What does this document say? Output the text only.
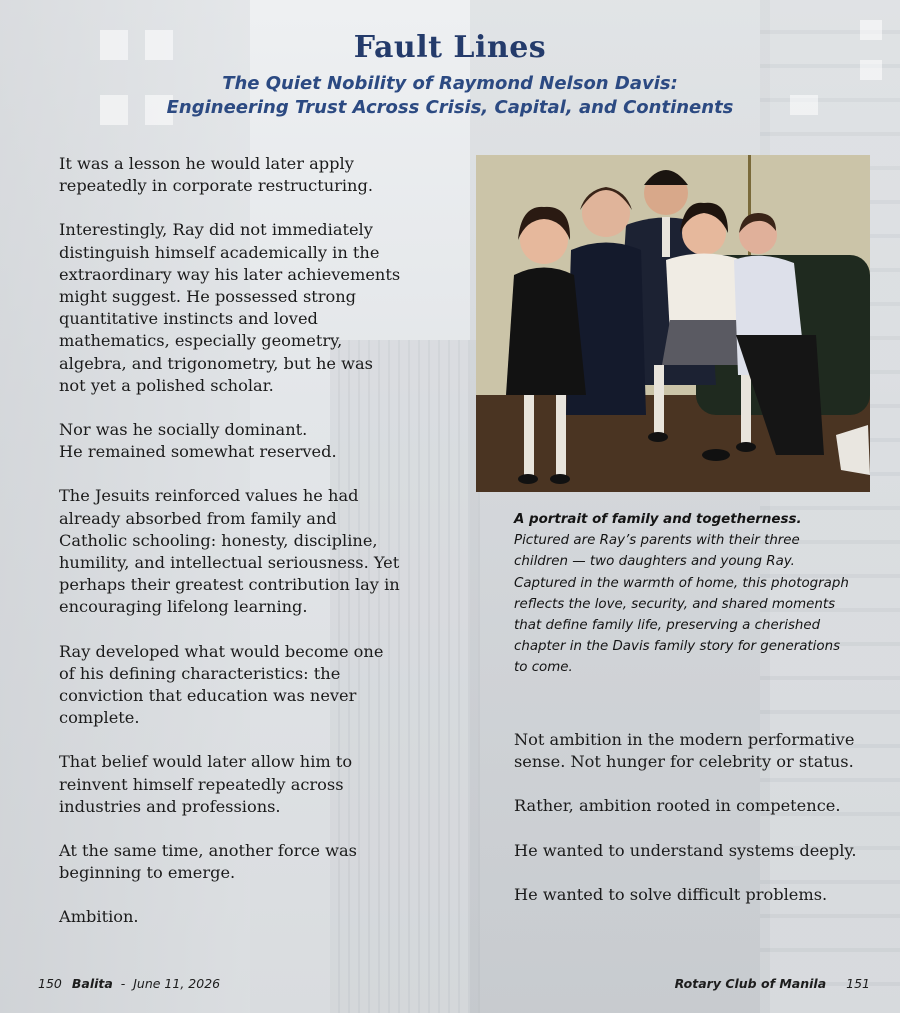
Fault Lines
The Quiet Nobility of Raymond Nelson Davis:
Engineering Trust Across Crisis, Capital, and Continents

It was a lesson he would later apply repeatedly in corporate restructuring.

Interestingly, Ray did not immediately distinguish himself academically in the extraordinary way his later achievements might suggest. He possessed strong quantitative instincts and loved mathematics, especially geometry, algebra, and trigonometry, but he was not yet a polished scholar.

Nor was he socially dominant.
He remained somewhat reserved.

The Jesuits reinforced values he had already absorbed from family and Catholic schooling: honesty, discipline, humility, and intellectual seriousness. Yet perhaps their greatest contribution lay in encouraging lifelong learning.

Ray developed what would become one of his defining characteristics: the conviction that education was never complete.

That belief would later allow him to reinvent himself repeatedly across industries and professions.

At the same time, another force was beginning to emerge.

Ambition.

A portrait of family and togetherness.
Pictured are Ray’s parents with their three children — two daughters and young Ray. Captured in the warmth of home, this photograph reflects the love, security, and shared moments that define family life, preserving a cherished chapter in the Davis family story for generations to come.

Not ambition in the modern performative sense. Not hunger for celebrity or status.

Rather, ambition rooted in competence.

He wanted to understand systems deeply.

He wanted to solve difficult problems.

150 Balita - June 11, 2026	Rotary Club of Manila 151
